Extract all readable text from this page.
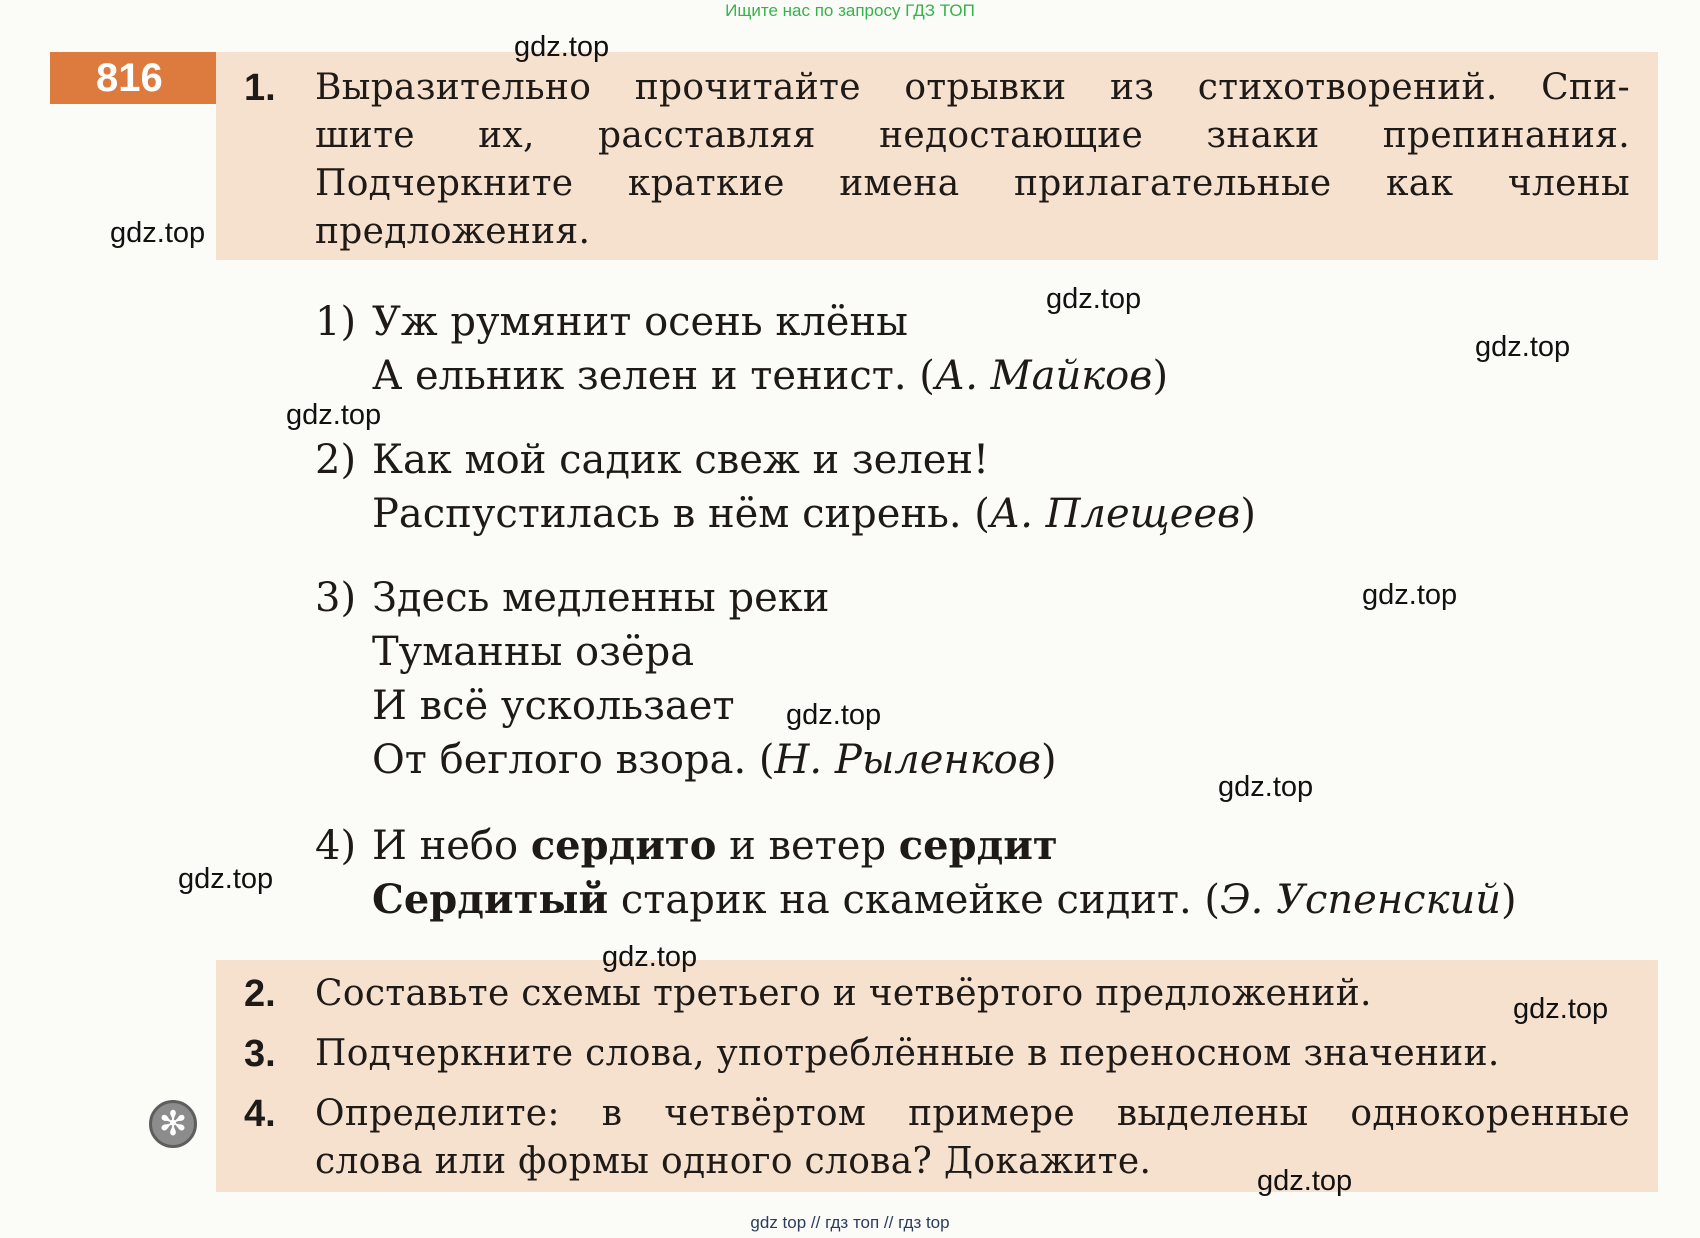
Ищите нас по запросу ГДЗ ТОП
816	1. Выразительно прочитайте отрывки из стихотворений. Спи-
шите их, расставляя недостающие знаки препинания.
Подчеркните краткие имена прилагательные как члены
предложения.
1) Уж румянит осень клёны
А ельник зелен и тенист. (А. Майков)
2) Как мой садик свеж и зелен!
Распустилась в нём сирень. (А. Плещеев)
3) Здесь медленны реки
Туманны озёра
И всё ускользает
От беглого взора. (Н. Рыленков)
4) И небо сердито и ветер сердит
Сердитый старик на скамейке сидит. (Э. Успенский)
2. Составьте схемы третьего и четвёртого предложений.
3. Подчеркните слова, употреблённые в переносном значении.
✻ 4. Определите: в четвёртом примере выделены однокоренные
слова или формы одного слова? Докажите.
gdz.top
gdz.top
gdz.top
gdz.top
gdz.top
gdz.top
gdz.top
gdz.top
gdz.top
gdz.top
gdz.top
gdz.top
gdz top // гдз топ // гдз top
